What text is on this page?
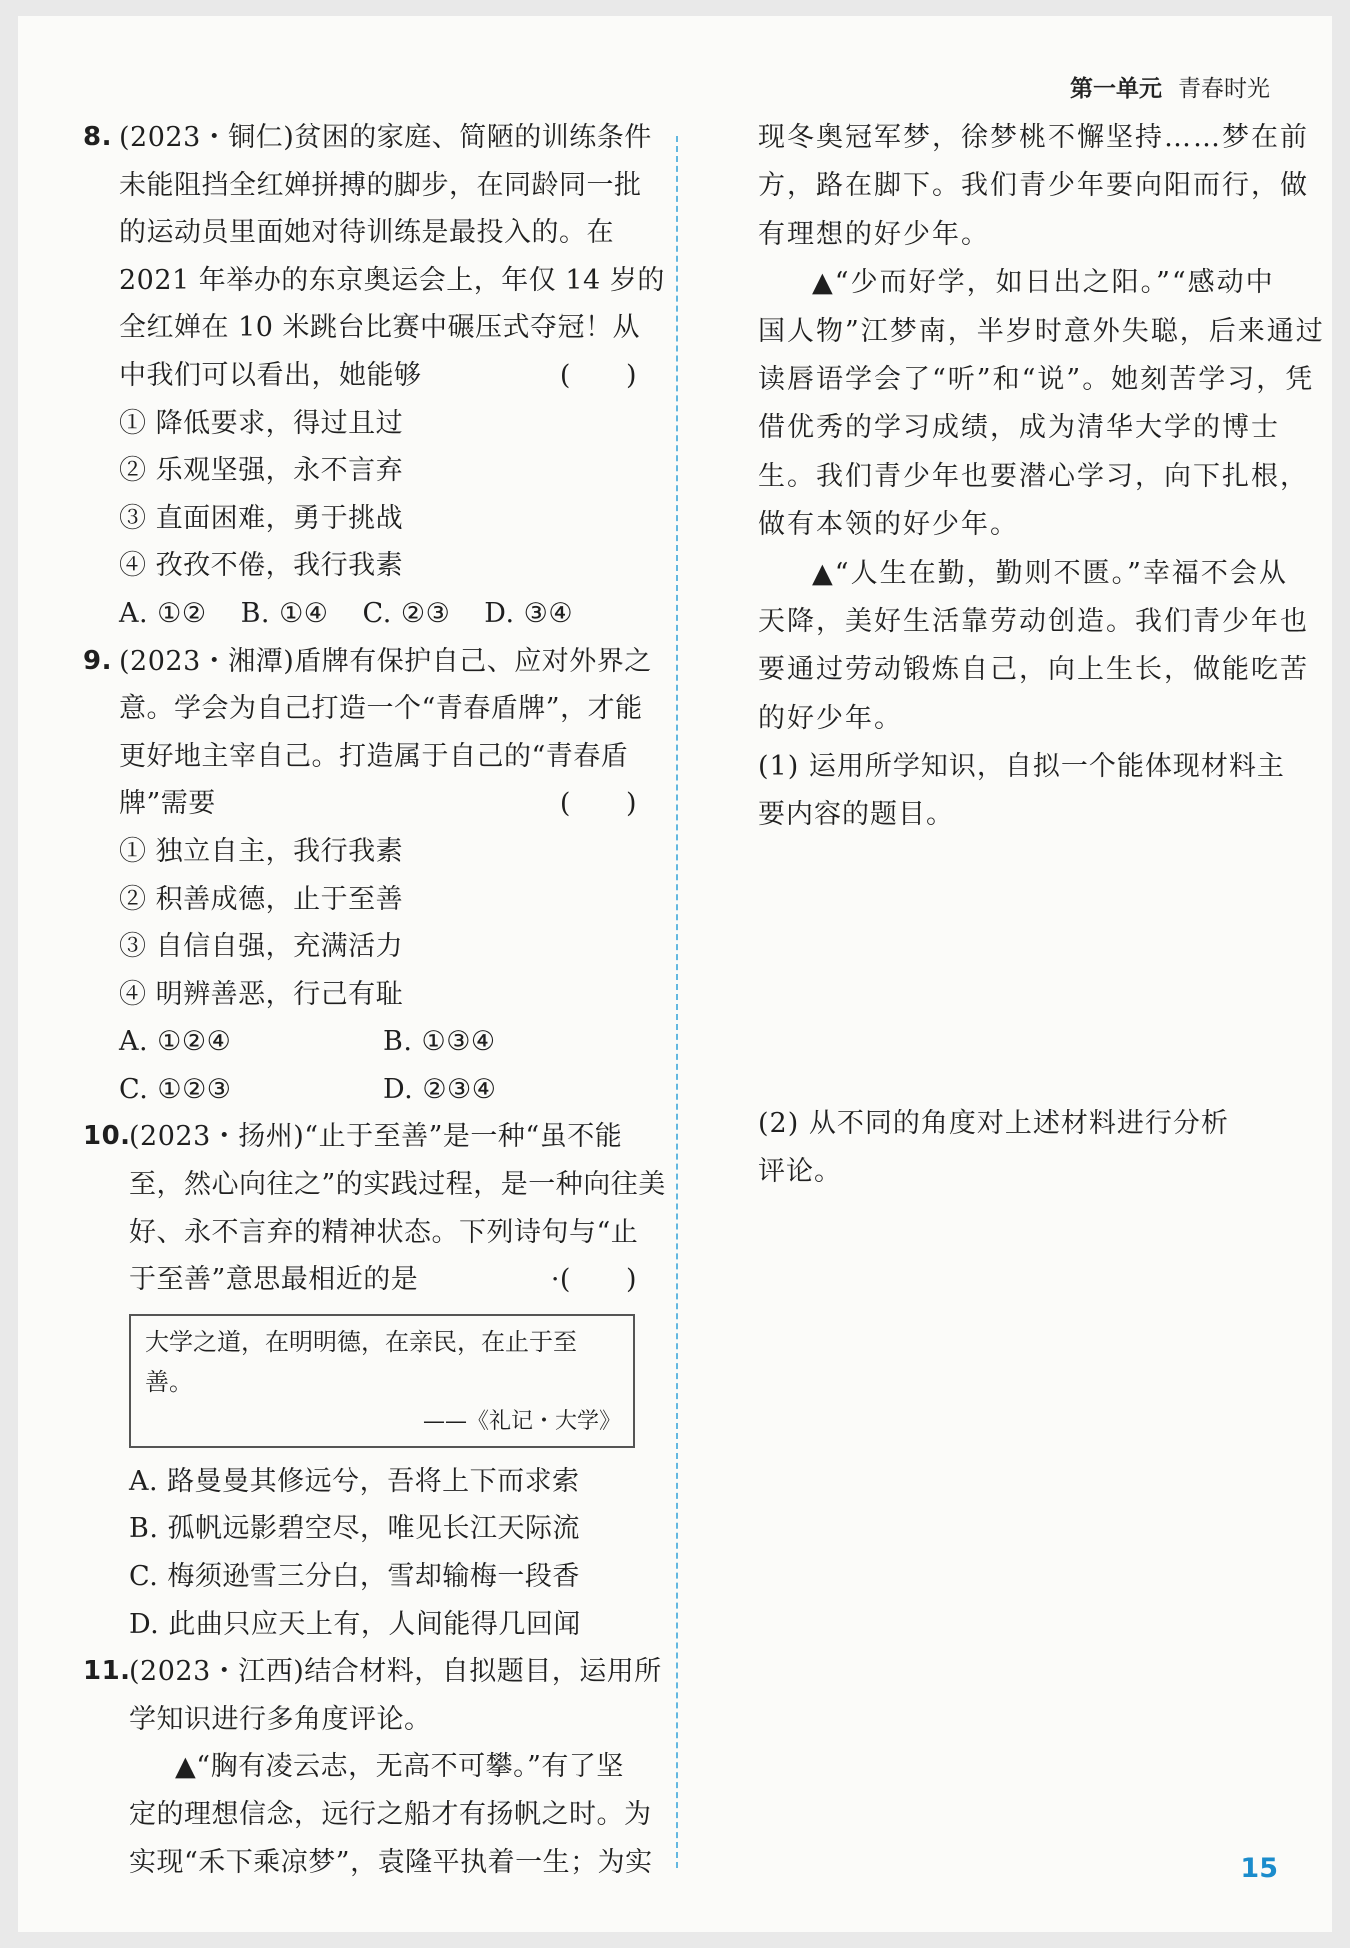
第一单元 青春时光
8. (2023・铜仁)贫困的家庭、简陋的训练条件
未能阻挡全红婵拼搏的脚步，在同龄同一批
的运动员里面她对待训练是最投入的。在
2021 年举办的东京奥运会上，年仅 14 岁的
全红婵在 10 米跳台比赛中碾压式夺冠！从
中我们可以看出，她能够	(　　)
① 降低要求，得过且过
② 乐观坚强，永不言弃
③ 直面困难，勇于挑战
④ 孜孜不倦，我行我素
A. ①② B. ①④ C. ②③ D. ③④
9. (2023・湘潭)盾牌有保护自己、应对外界之
意。学会为自己打造一个“青春盾牌”，才能
更好地主宰自己。打造属于自己的“青春盾
牌”需要	(　　)
① 独立自主，我行我素
② 积善成德，止于至善
③ 自信自强，充满活力
④ 明辨善恶，行己有耻
A. ①②④	B. ①③④
C. ①②③	D. ②③④
10.
(2023・扬州)“止于至善”是一种“虽不能
至，然心向往之”的实践过程，是一种向往美
好、永不言弃的精神状态。下列诗句与“止
于至善”意思最相近的是	·(　　)
大学之道，在明明德，在亲民，在止于至善。
——《礼记・大学》
A. 路曼曼其修远兮，吾将上下而求索
B. 孤帆远影碧空尽，唯见长江天际流
C. 梅须逊雪三分白，雪却输梅一段香
D. 此曲只应天上有，人间能得几回闻
11.
(2023・江西)结合材料，自拟题目，运用所
学知识进行多角度评论。
▲“胸有凌云志，无高不可攀。”有了坚
定的理想信念，远行之船才有扬帆之时。为
实现“禾下乘凉梦”，袁隆平执着一生；为实
现冬奥冠军梦，徐梦桃不懈坚持……梦在前
方，路在脚下。我们青少年要向阳而行，做
有理想的好少年。
▲“少而好学，如日出之阳。”“感动中
国人物”江梦南，半岁时意外失聪，后来通过
读唇语学会了“听”和“说”。她刻苦学习，凭
借优秀的学习成绩，成为清华大学的博士
生。我们青少年也要潜心学习，向下扎根，
做有本领的好少年。
▲“人生在勤，勤则不匮。”幸福不会从
天降，美好生活靠劳动创造。我们青少年也
要通过劳动锻炼自己，向上生长，做能吃苦
的好少年。
(1) 运用所学知识，自拟一个能体现材料主
要内容的题目。
(2) 从不同的角度对上述材料进行分析
评论。
15
